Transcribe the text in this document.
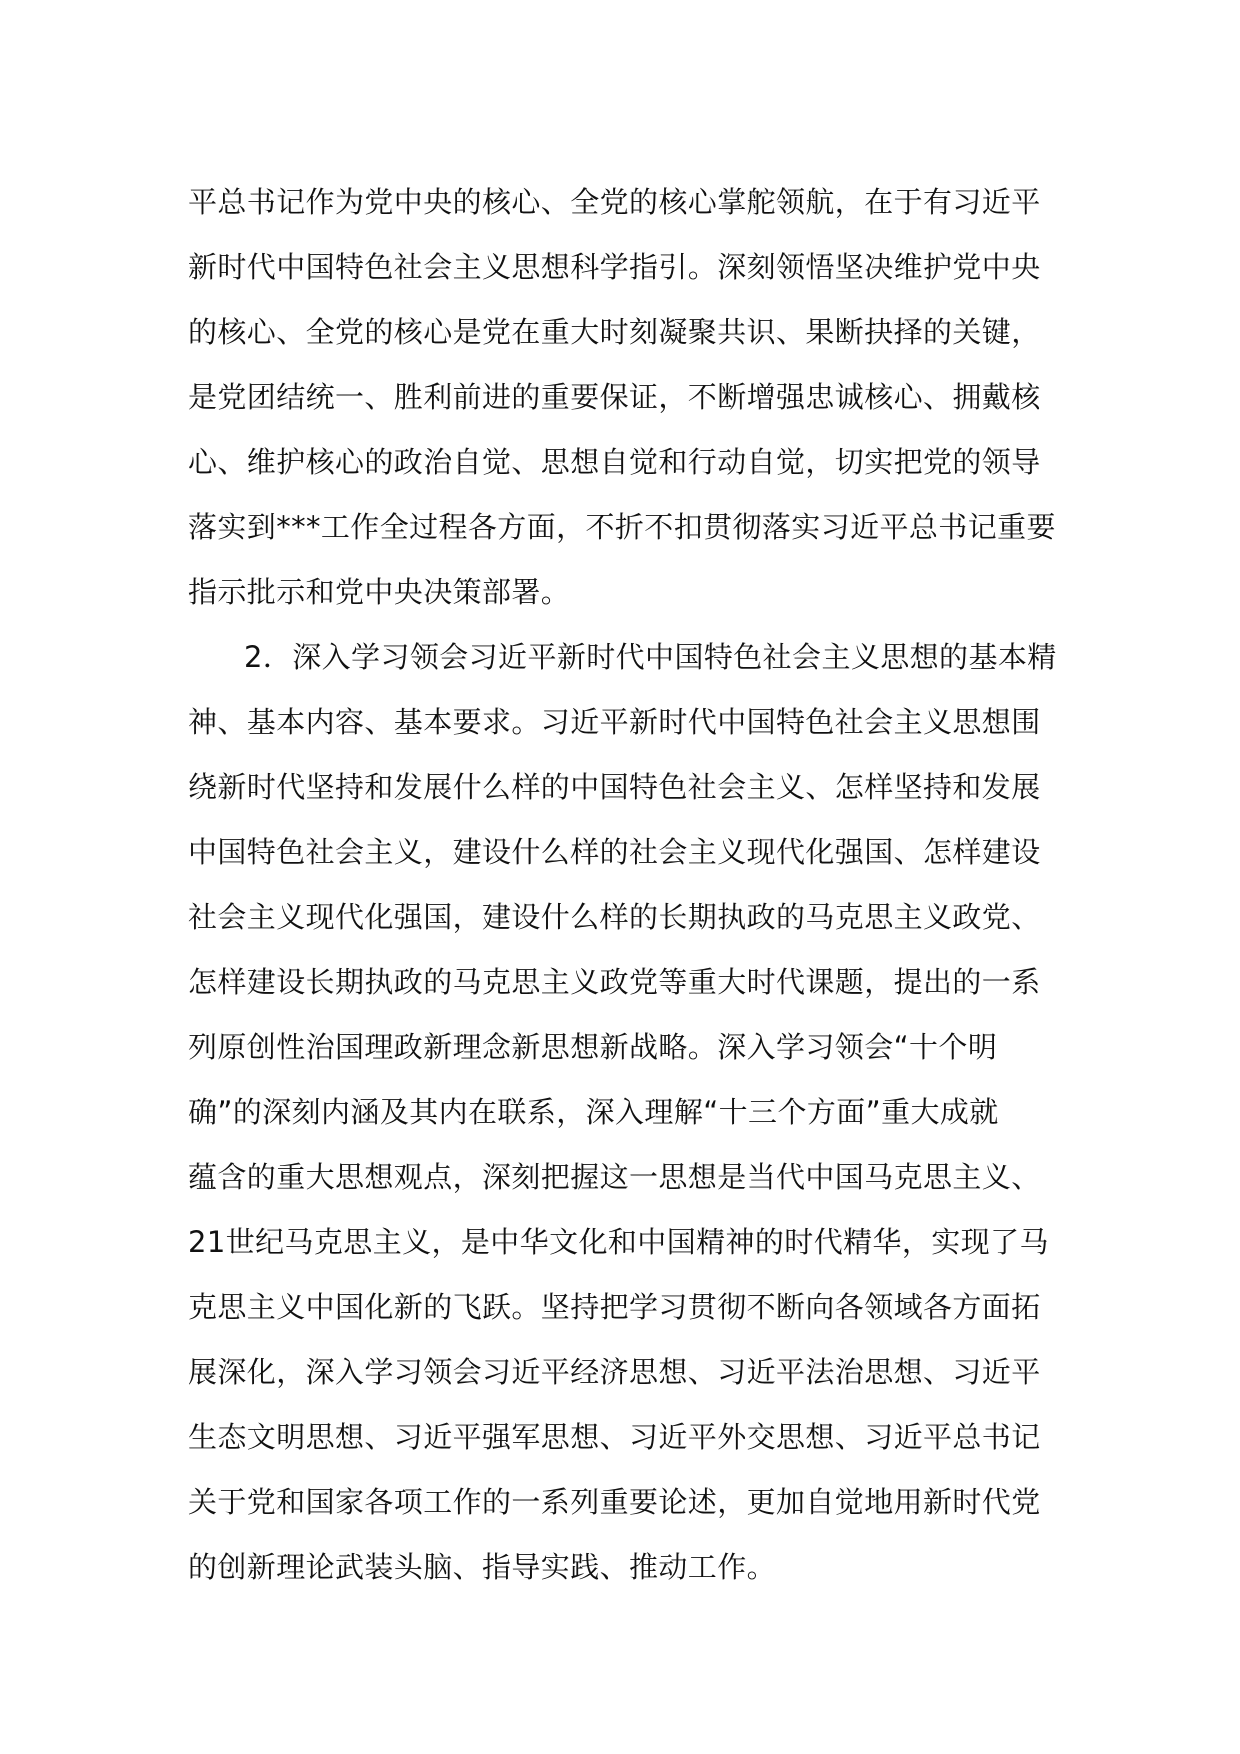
平总书记作为党中央的核心、全党的核心掌舵领航，在于有习近平
新时代中国特色社会主义思想科学指引。深刻领悟坚决维护党中央
的核心、全党的核心是党在重大时刻凝聚共识、果断抉择的关键，
是党团结统一、胜利前进的重要保证，不断增强忠诚核心、拥戴核
心、维护核心的政治自觉、思想自觉和行动自觉，切实把党的领导
落实到***工作全过程各方面，不折不扣贯彻落实习近平总书记重要
指示批示和党中央决策部署。
2．深入学习领会习近平新时代中国特色社会主义思想的基本精
神、基本内容、基本要求。习近平新时代中国特色社会主义思想围
绕新时代坚持和发展什么样的中国特色社会主义、怎样坚持和发展
中国特色社会主义，建设什么样的社会主义现代化强国、怎样建设
社会主义现代化强国，建设什么样的长期执政的马克思主义政党、
怎样建设长期执政的马克思主义政党等重大时代课题，提出的一系
列原创性治国理政新理念新思想新战略。深入学习领会“十个明
确”的深刻内涵及其内在联系，深入理解“十三个方面”重大成就
蕴含的重大思想观点，深刻把握这一思想是当代中国马克思主义、
21世纪马克思主义，是中华文化和中国精神的时代精华，实现了马
克思主义中国化新的飞跃。坚持把学习贯彻不断向各领域各方面拓
展深化，深入学习领会习近平经济思想、习近平法治思想、习近平
生态文明思想、习近平强军思想、习近平外交思想、习近平总书记
关于党和国家各项工作的一系列重要论述，更加自觉地用新时代党
的创新理论武装头脑、指导实践、推动工作。
